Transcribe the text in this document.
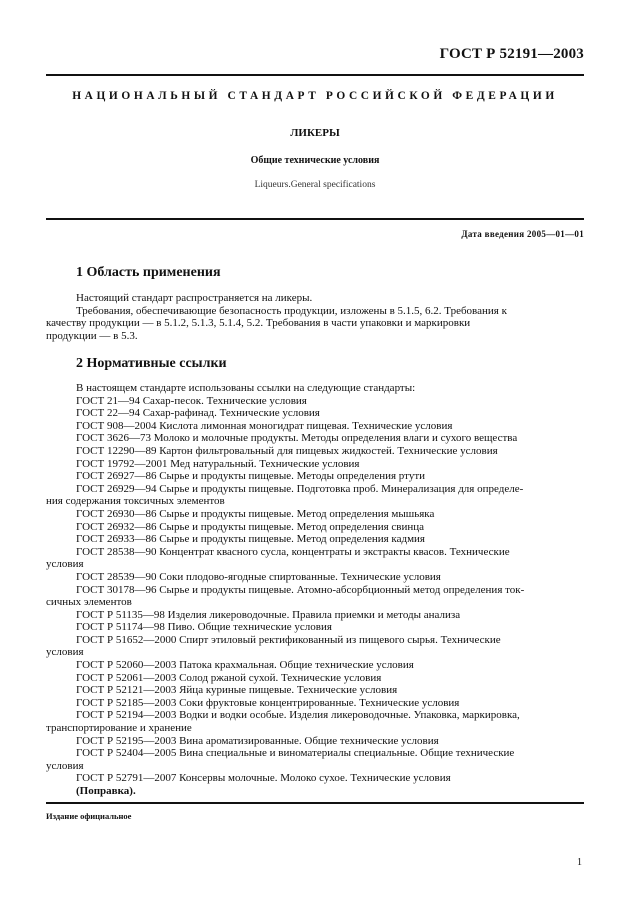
ГОСТ Р 52191—2003
НАЦИОНАЛЬНЫЙ СТАНДАРТ РОССИЙСКОЙ ФЕДЕРАЦИИ
ЛИКЕРЫ
Общие технические условия
Liqueurs.General specifications
Дата введения 2005—01—01
1 Область применения
Настоящий стандарт распространяется на ликеры.
Требования, обеспечивающие безопасность продукции, изложены в 5.1.5, 6.2. Требования к
качеству продукции — в 5.1.2, 5.1.3, 5.1.4, 5.2. Требования в части упаковки и маркировки
продукции — в 5.3.
2 Нормативные ссылки
В настоящем стандарте использованы ссылки на следующие стандарты:
ГОСТ 21—94 Сахар-песок. Технические условия
ГОСТ 22—94 Сахар-рафинад. Технические условия
ГОСТ 908—2004 Кислота лимонная моногидрат пищевая. Технические условия
ГОСТ 3626—73 Молоко и молочные продукты. Методы определения влаги и сухого вещества
ГОСТ 12290—89 Картон фильтровальный для пищевых жидкостей. Технические условия
ГОСТ 19792—2001 Мед натуральный. Технические условия
ГОСТ 26927—86 Сырье и продукты пищевые. Методы определения ртути
ГОСТ 26929—94 Сырье и продукты пищевые. Подготовка проб. Минерализация для определе-
ния содержания токсичных элементов
ГОСТ 26930—86 Сырье и продукты пищевые. Метод определения мышьяка
ГОСТ 26932—86 Сырье и продукты пищевые. Метод определения свинца
ГОСТ 26933—86 Сырье и продукты пищевые. Метод определения кадмия
ГОСТ 28538—90 Концентрат квасного сусла, концентраты и экстракты квасов. Технические
условия
ГОСТ 28539—90 Соки плодово-ягодные спиртованные. Технические условия
ГОСТ 30178—96 Сырье и продукты пищевые. Атомно-абсорбционный метод определения ток-
сичных элементов
ГОСТ Р 51135—98 Изделия ликероводочные. Правила приемки и методы анализа
ГОСТ Р 51174—98 Пиво. Общие технические условия
ГОСТ Р 51652—2000 Спирт этиловый ректификованный из пищевого сырья. Технические
условия
ГОСТ Р 52060—2003 Патока крахмальная. Общие технические условия
ГОСТ Р 52061—2003 Солод ржаной сухой. Технические условия
ГОСТ Р 52121—2003 Яйца куриные пищевые. Технические условия
ГОСТ Р 52185—2003 Соки фруктовые концентрированные. Технические условия
ГОСТ Р 52194—2003 Водки и водки особые. Изделия ликероводочные. Упаковка, маркировка,
транспортирование и хранение
ГОСТ Р 52195—2003 Вина ароматизированные. Общие технические условия
ГОСТ Р 52404—2005 Вина специальные и виноматериалы специальные. Общие технические
условия
ГОСТ Р 52791—2007 Консервы молочные. Молоко сухое. Технические условия
(Поправка).
Издание официальное
1
